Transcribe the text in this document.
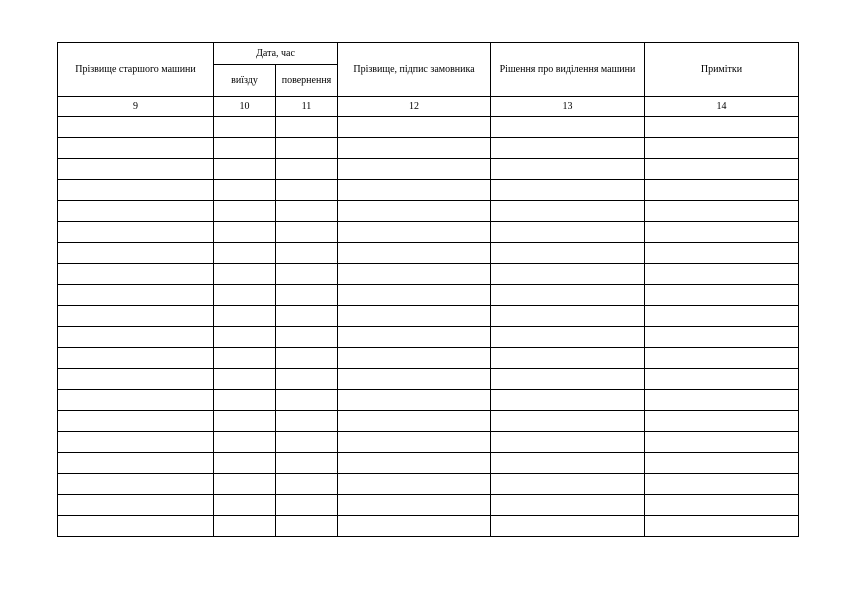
Прізвище старшого машини	Дата, час		Прізвище, підпис замовника	Рішення про виділення машини	Примітки
	виїзду	повернення			
9	10	11	12	13	14
